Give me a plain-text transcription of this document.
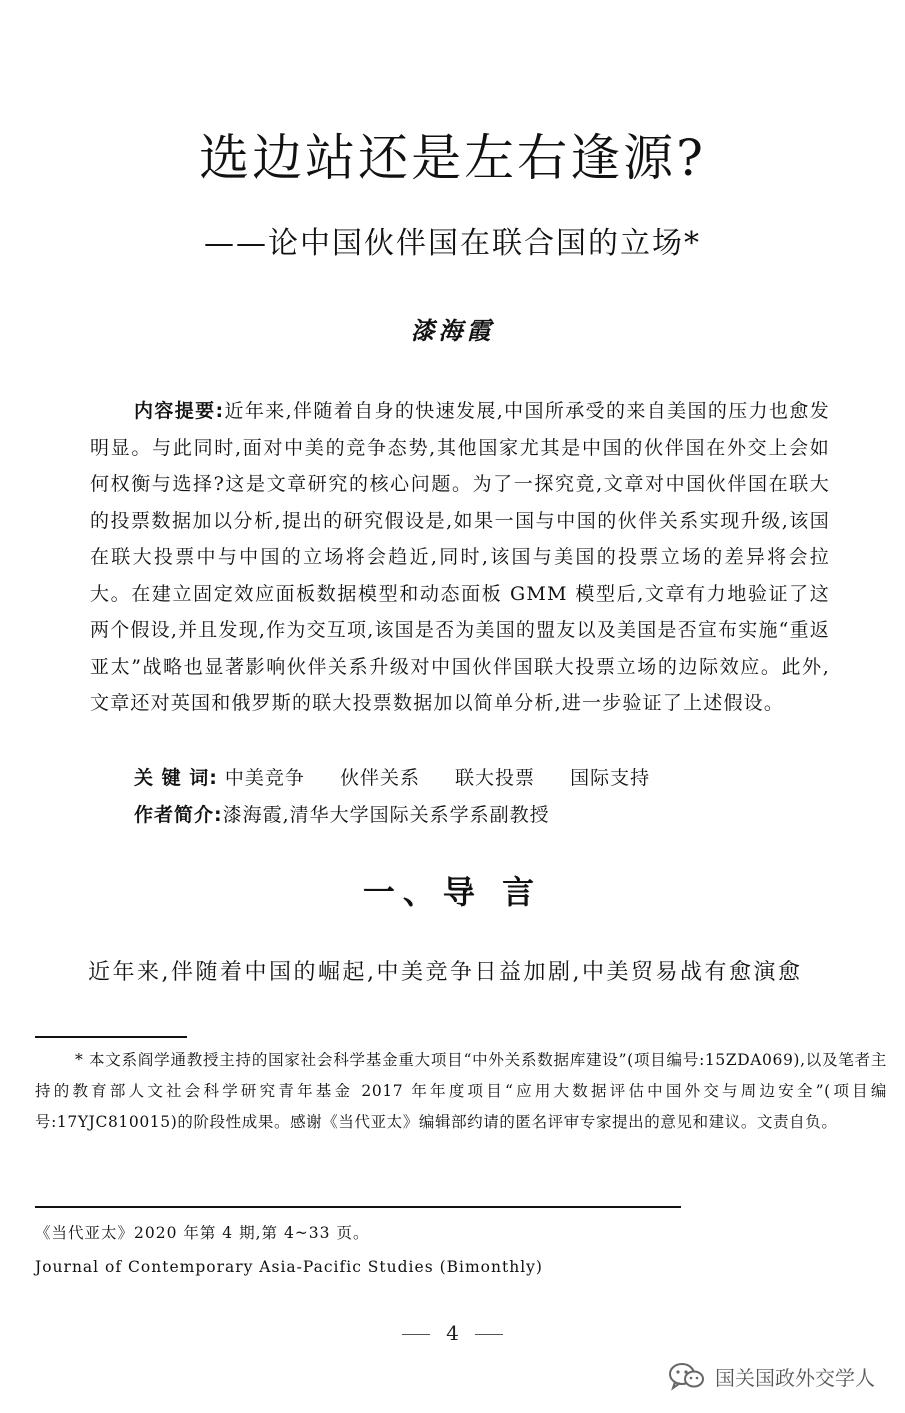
选边站还是左右逢源?
——论中国伙伴国在联合国的立场*
漆海霞

内容提要:近年来,伴随着自身的快速发展,中国所承受的来自美国的压力也愈发明显。与此同时,面对中美的竞争态势,其他国家尤其是中国的伙伴国在外交上会如何权衡与选择?这是文章研究的核心问题。为了一探究竟,文章对中国伙伴国在联大的投票数据加以分析,提出的研究假设是,如果一国与中国的伙伴关系实现升级,该国在联大投票中与中国的立场将会趋近,同时,该国与美国的投票立场的差异将会拉大。在建立固定效应面板数据模型和动态面板 GMM 模型后,文章有力地验证了这两个假设,并且发现,作为交互项,该国是否为美国的盟友以及美国是否宣布实施“重返亚太”战略也显著影响伙伴关系升级对中国伙伴国联大投票立场的边际效应。此外,文章还对英国和俄罗斯的联大投票数据加以简单分析,进一步验证了上述假设。

关 键 词: 中美竞争 伙伴关系 联大投票 国际支持
作者简介:漆海霞,清华大学国际关系学系副教授
一、导 言
近年来,伴随着中国的崛起,中美竞争日益加剧,中美贸易战有愈演愈

* 本文系阎学通教授主持的国家社会科学基金重大项目“中外关系数据库建设”(项目编号:15ZDA069),以及笔者主持的教育部人文社会科学研究青年基金 2017 年年度项目“应用大数据评估中国外交与周边安全”(项目编号:17YJC810015)的阶段性成果。感谢《当代亚太》编辑部约请的匿名评审专家提出的意见和建议。文责自负。

《当代亚太》2020 年第 4 期,第 4~33 页。
Journal of Contemporary Asia-Pacific Studies (Bimonthly)
4
国关国政外交学人
